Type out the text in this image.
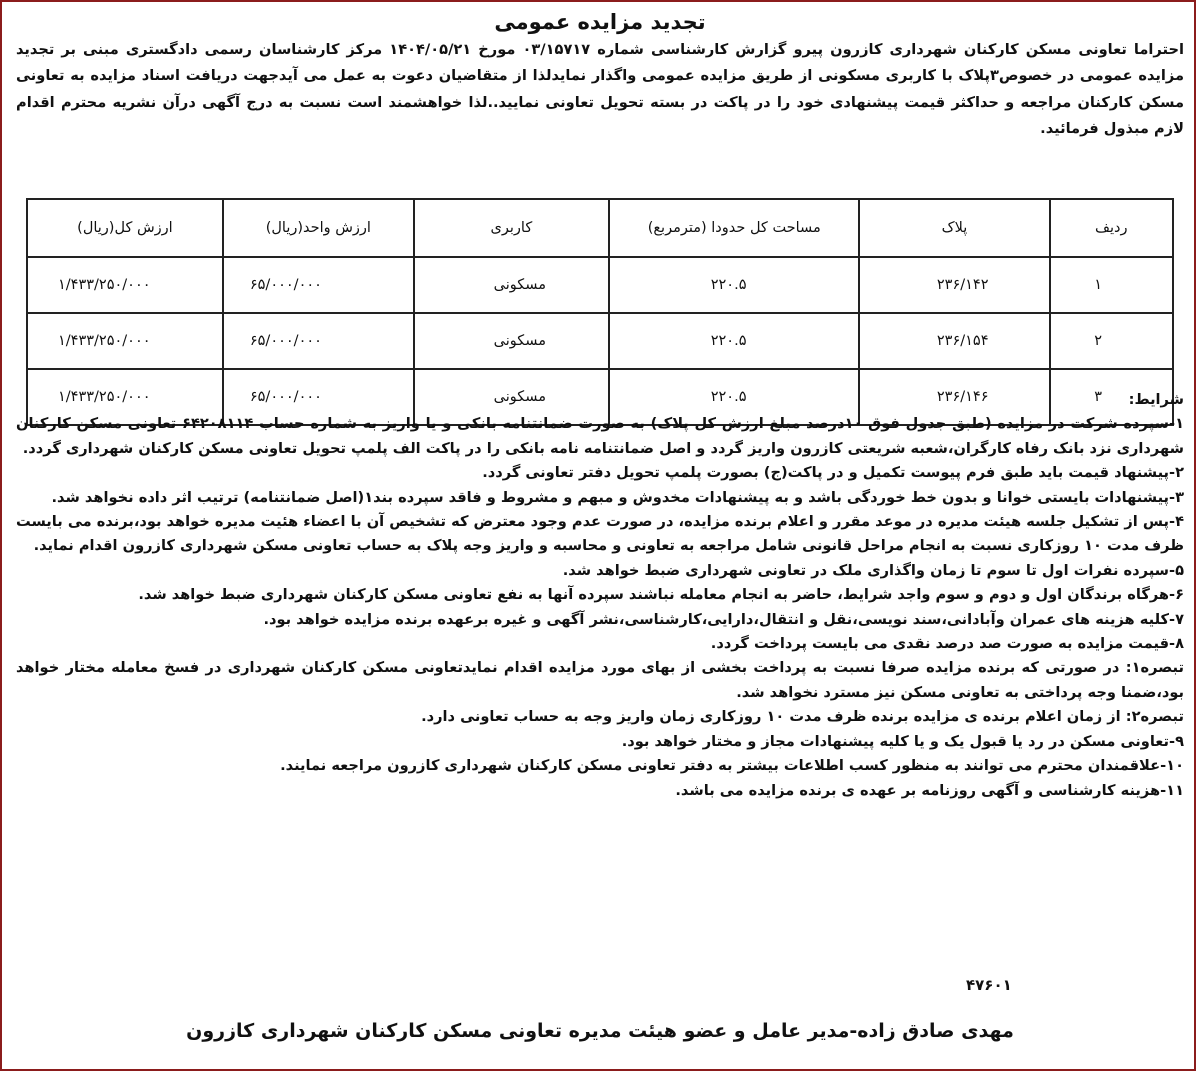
تجدید مزایده عمومی

احتراما تعاونی مسکن کارکنان شهرداری کازرون پیرو گزارش کارشناسی شماره ۰۳/۱۵۷۱۷ مورخ ۱۴۰۴/۰۵/۲۱ مرکز کارشناسان رسمی دادگستری مبنی بر تجدید مزایده عمومی در خصوص۳پلاک با کاربری مسکونی از طریق مزایده عمومی واگذار نمایدلذا از متقاضیان دعوت به عمل می آیدجهت دریافت اسناد مزایده به تعاونی مسکن کارکنان مراجعه و حداکثر قیمت پیشنهادی خود را در پاکت در بسته تحویل تعاونی نمایید..لذا خواهشمند است نسبت به درج آگهی درآن نشریه محترم اقدام لازم مبذول فرمائید.

ردیف	پلاک	مساحت کل حدودا (مترمربع)	کاربری	ارزش واحد(ریال)	ارزش کل(ریال)
۱	۲۳۶/۱۴۲	۲۲۰.۵	مسکونی	۶۵/۰۰۰/۰۰۰	۱/۴۳۳/۲۵۰/۰۰۰
۲	۲۳۶/۱۵۴	۲۲۰.۵	مسکونی	۶۵/۰۰۰/۰۰۰	۱/۴۳۳/۲۵۰/۰۰۰
۳	۲۳۶/۱۴۶	۲۲۰.۵	مسکونی	۶۵/۰۰۰/۰۰۰	۱/۴۳۳/۲۵۰/۰۰۰	شرایط:

۱-سپرده شرکت در مزایده (طبق جدول فوق ۱۰درصد مبلغ ارزش کل پلاک) به صورت ضمانتنامه بانکی و یا واریز به شماره حساب ۶۴۲۰۸۱۱۴ تعاونی مسکن کارکنان شهرداری نزد بانک رفاه کارگران،شعبه شریعتی کازرون واریز گردد و اصل ضمانتنامه نامه بانکی را در پاکت الف پلمپ تحویل تعاونی مسکن کارکنان شهرداری گردد.

۲-پیشنهاد قیمت باید طبق فرم پیوست تکمیل و در پاکت(ج) بصورت پلمپ تحویل دفتر تعاونی گردد.

۳-پیشنهادات بایستی خوانا و بدون خط خوردگی باشد و به پیشنهادات مخدوش و مبهم و مشروط و فاقد سپرده بند۱(اصل ضمانتنامه) ترتیب اثر داده نخواهد شد.

۴-پس از تشکیل جلسه هیئت مدیره در موعد مقرر و اعلام برنده مزایده، در صورت عدم وجود معترض که تشخیص آن با اعضاء هئیت مدیره خواهد بود،برنده می بایست ظرف مدت ۱۰ روزکاری نسبت به انجام مراحل قانونی شامل مراجعه به تعاونی و محاسبه و واریز وجه پلاک به حساب تعاونی مسکن شهرداری کازرون اقدام نماید.

۵-سپرده نفرات اول تا سوم تا زمان واگذاری ملک در تعاونی شهرداری ضبط خواهد شد.

۶-هرگاه برندگان اول و دوم و سوم واجد شرایط، حاضر به انجام معامله نباشند سپرده آنها به نفع تعاونی مسکن کارکنان شهرداری ضبط خواهد شد.

۷-کلیه هزینه های عمران وآبادانی،سند نویسی،نقل و انتقال،دارایی،کارشناسی،نشر آگهی و غیره برعهده برنده مزایده خواهد بود.

۸-قیمت مزایده به صورت صد درصد نقدی می بایست پرداخت گردد.

تبصره۱: در صورتی که برنده مزایده صرفا نسبت به پرداخت بخشی از بهای مورد مزایده اقدام نمایدتعاونی مسکن کارکنان شهرداری در فسخ معامله مختار خواهد بود،ضمنا وجه پرداختی به تعاونی مسکن نیز مسترد نخواهد شد.

تبصره۲: از زمان اعلام برنده ی مزایده برنده ظرف مدت ۱۰ روزکاری زمان واریز وجه به حساب تعاونی دارد.

۹-تعاونی مسکن در رد یا قبول یک و یا کلیه پیشنهادات مجاز و مختار خواهد بود.

۱۰-علاقمندان محترم می توانند به منظور کسب اطلاعات بیشتر به دفتر تعاونی مسکن کارکنان شهرداری کازرون مراجعه نمایند.

۱۱-هزینه کارشناسی و آگهی روزنامه بر عهده ی برنده مزایده می باشد.

۴۷۶۰۱
مهدی صادق زاده-مدیر عامل و عضو هیئت مدیره تعاونی مسکن کارکنان شهرداری کازرون
